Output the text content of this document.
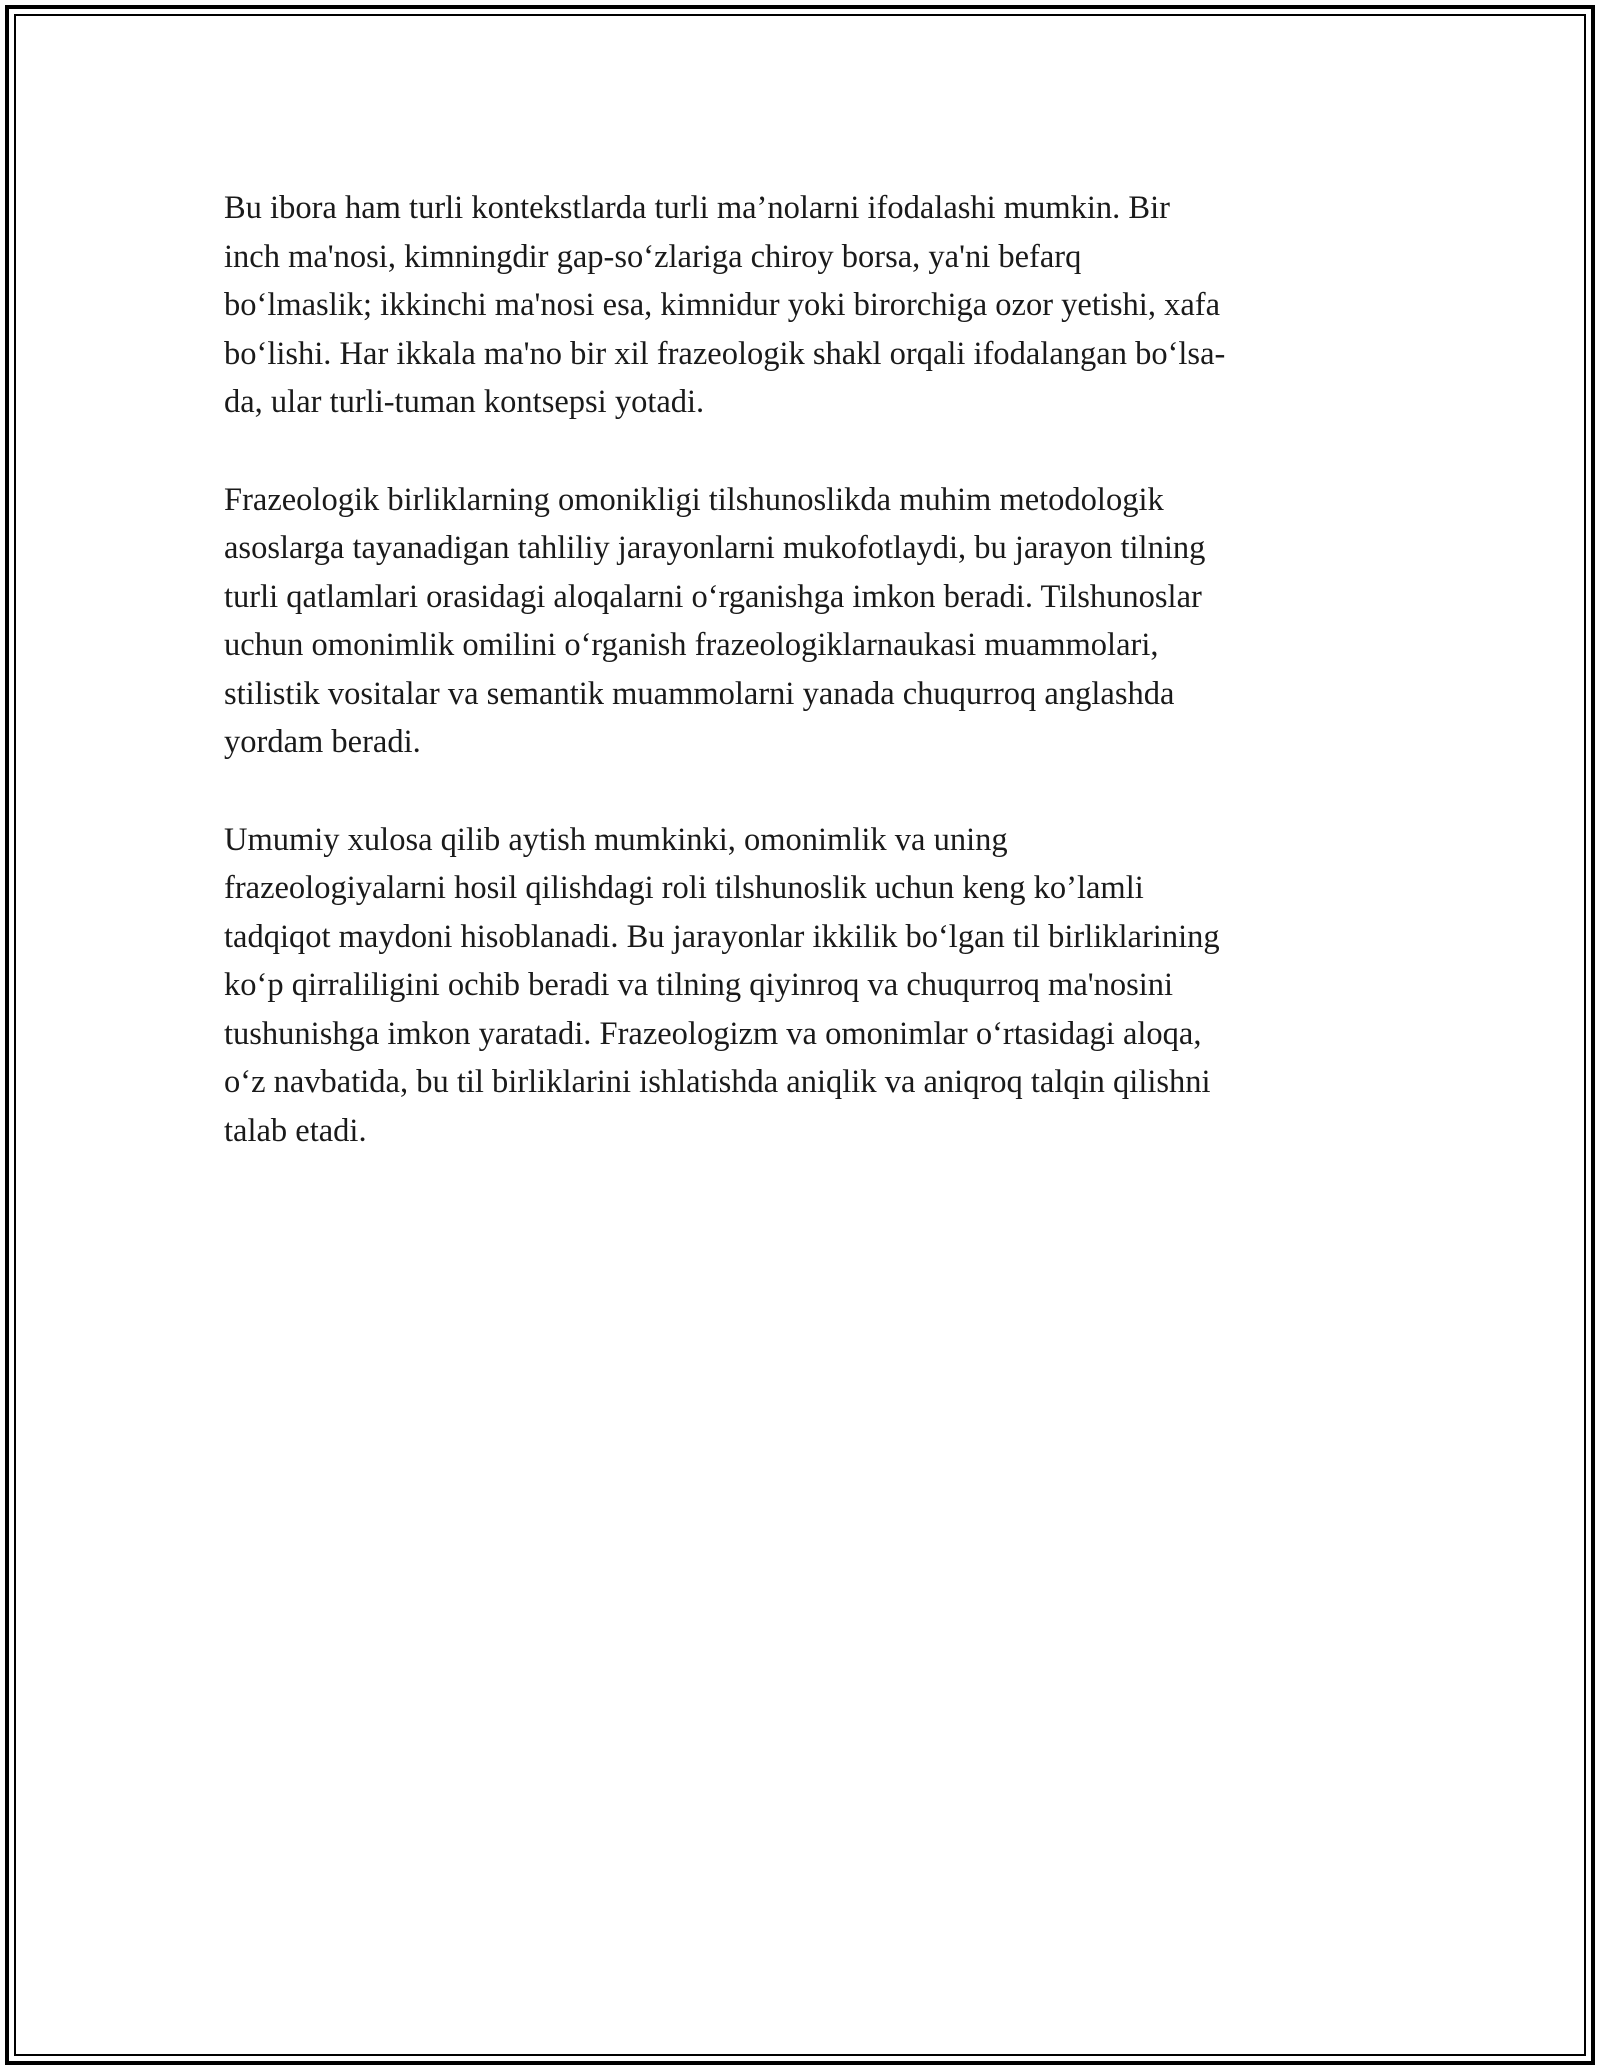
Bu ibora ham turli kontekstlarda turli ma’nolarni ifodalashi mumkin. Bir
inch ma'nosi, kimningdir gap-so‘zlariga chiroy borsa, ya'ni befarq
bo‘lmaslik; ikkinchi ma'nosi esa, kimnidur yoki birorchiga ozor yetishi, xafa
bo‘lishi. Har ikkala ma'no bir xil frazeologik shakl orqali ifodalangan bo‘lsa-
da, ular turli-tuman kontsepsi yotadi.

Frazeologik birliklarning omonikligi tilshunoslikda muhim metodologik
asoslarga tayanadigan tahliliy jarayonlarni mukofotlaydi, bu jarayon tilning
turli qatlamlari orasidagi aloqalarni o‘rganishga imkon beradi. Tilshunoslar
uchun omonimlik omilini o‘rganish frazeologiklarnaukasi muammolari,
stilistik vositalar va semantik muammolarni yanada chuqurroq anglashda
yordam beradi.

Umumiy xulosa qilib aytish mumkinki, omonimlik va uning
frazeologiyalarni hosil qilishdagi roli tilshunoslik uchun keng ko’lamli
tadqiqot maydoni hisoblanadi. Bu jarayonlar ikkilik bo‘lgan til birliklarining
ko‘p qirraliligini ochib beradi va tilning qiyinroq va chuqurroq ma'nosini
tushunishga imkon yaratadi. Frazeologizm va omonimlar o‘rtasidagi aloqa,
o‘z navbatida, bu til birliklarini ishlatishda aniqlik va aniqroq talqin qilishni
talab etadi.
